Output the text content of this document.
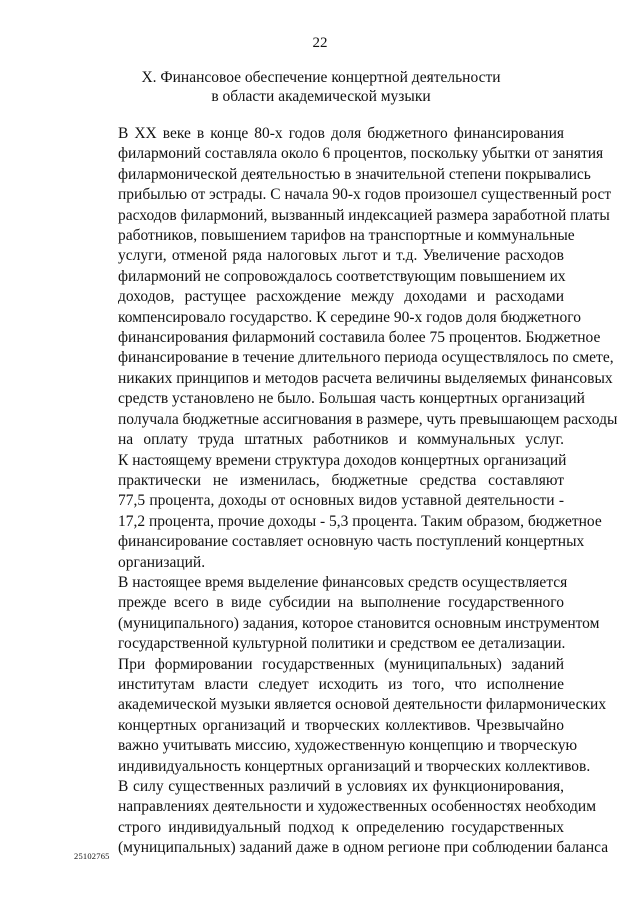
22
X. Финансовое обеспечение концертной деятельности
в области академической музыки
В XX веке в конце 80-х годов доля бюджетного финансирования
филармоний составляла около 6 процентов, поскольку убытки от занятия
филармонической деятельностью в значительной степени покрывались
прибылью от эстрады. С начала 90-х годов произошел существенный рост
расходов филармоний, вызванный индексацией размера заработной платы
работников, повышением тарифов на транспортные и коммунальные
услуги, отменой ряда налоговых льгот и т.д. Увеличение расходов
филармоний не сопровождалось соответствующим повышением их
доходов, растущее расхождение между доходами и расходами
компенсировало государство. К середине 90-х годов доля бюджетного
финансирования филармоний составила более 75 процентов. Бюджетное
финансирование в течение длительного периода осуществлялось по смете,
никаких принципов и методов расчета величины выделяемых финансовых
средств установлено не было. Большая часть концертных организаций
получала бюджетные ассигнования в размере, чуть превышающем расходы
на оплату труда штатных работников и коммунальных услуг.
К настоящему времени структура доходов концертных организаций
практически не изменилась, бюджетные средства составляют
77,5 процента, доходы от основных видов уставной деятельности -
17,2 процента, прочие доходы - 5,3 процента. Таким образом, бюджетное
финансирование составляет основную часть поступлений концертных
организаций.
В настоящее время выделение финансовых средств осуществляется
прежде всего в виде субсидии на выполнение государственного
(муниципального) задания, которое становится основным инструментом
государственной культурной политики и средством ее детализации.
При формировании государственных (муниципальных) заданий
институтам власти следует исходить из того, что исполнение
академической музыки является основой деятельности филармонических
концертных организаций и творческих коллективов. Чрезвычайно
важно учитывать миссию, художественную концепцию и творческую
индивидуальность концертных организаций и творческих коллективов.
В силу существенных различий в условиях их функционирования,
направлениях деятельности и художественных особенностях необходим
строго индивидуальный подход к определению государственных
(муниципальных) заданий даже в одном регионе при соблюдении баланса
25102765
